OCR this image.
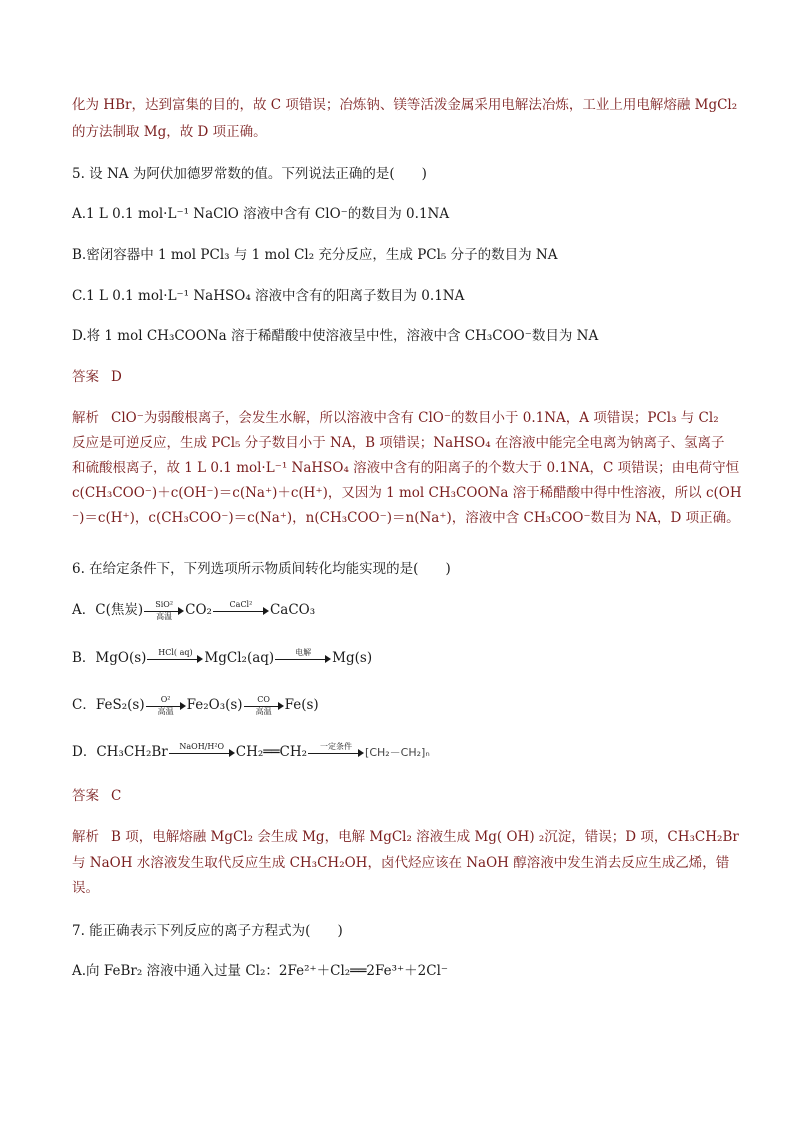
化为 HBr，达到富集的目的，故 C 项错误；冶炼钠、镁等活泼金属采用电解法冶炼，工业上用电解熔融 MgCl₂
的方法制取 Mg，故 D 项正确。
5. 设 NA 为阿伏加德罗常数的值。下列说法正确的是(　　)
A.1 L 0.1 mol·L⁻¹ NaClO 溶液中含有 ClO⁻的数目为 0.1NA
B.密闭容器中 1 mol PCl₃ 与 1 mol Cl₂ 充分反应，生成 PCl₅ 分子的数目为 NA
C.1 L 0.1 mol·L⁻¹ NaHSO₄ 溶液中含有的阳离子数目为 0.1NA
D.将 1 mol CH₃COONa 溶于稀醋酸中使溶液呈中性，溶液中含 CH₃COO⁻数目为 NA
答案 D
解析 ClO⁻为弱酸根离子，会发生水解，所以溶液中含有 ClO⁻的数目小于 0.1NA，A 项错误；PCl₃ 与 Cl₂
反应是可逆反应，生成 PCl₅ 分子数目小于 NA，B 项错误；NaHSO₄ 在溶液中能完全电离为钠离子、氢离子
和硫酸根离子，故 1 L 0.1 mol·L⁻¹ NaHSO₄ 溶液中含有的阳离子的个数大于 0.1NA，C 项错误；由电荷守恒
c(CH₃COO⁻)＋c(OH⁻)＝c(Na⁺)＋c(H⁺)，又因为 1 mol CH₃COONa 溶于稀醋酸中得中性溶液，所以 c(OH
⁻)＝c(H⁺)，c(CH₃COO⁻)＝c(Na⁺)，n(CH₃COO⁻)＝n(Na⁺)，溶液中含 CH₃COO⁻数目为 NA，D 项正确。
6. 在给定条件下，下列选项所示物质间转化均能实现的是(　　)
A．C(焦炭)	SiO²
高温 CO₂	CaCl²	CaCO₃
B．MgO(s)	HCl( aq) MgCl₂(aq)	电解	Mg(s)
C．FeS₂(s)	O²
高温 Fe₂O₃(s)	CO
高温 Fe(s)
D．CH₃CH₂Br	NaOH/H²O CH₂══CH₂	一定条件	[CH₂－CH₂]ₙ
答案 C
解析 B 项，电解熔融 MgCl₂ 会生成 Mg，电解 MgCl₂ 溶液生成 Mg( OH) ₂沉淀，错误；D 项，CH₃CH₂Br
与 NaOH 水溶液发生取代反应生成 CH₃CH₂OH，卤代烃应该在 NaOH 醇溶液中发生消去反应生成乙烯，错
误。
7. 能正确表示下列反应的离子方程式为(　　)
A.向 FeBr₂ 溶液中通入过量 Cl₂：2Fe²⁺＋Cl₂══2Fe³⁺＋2Cl⁻
